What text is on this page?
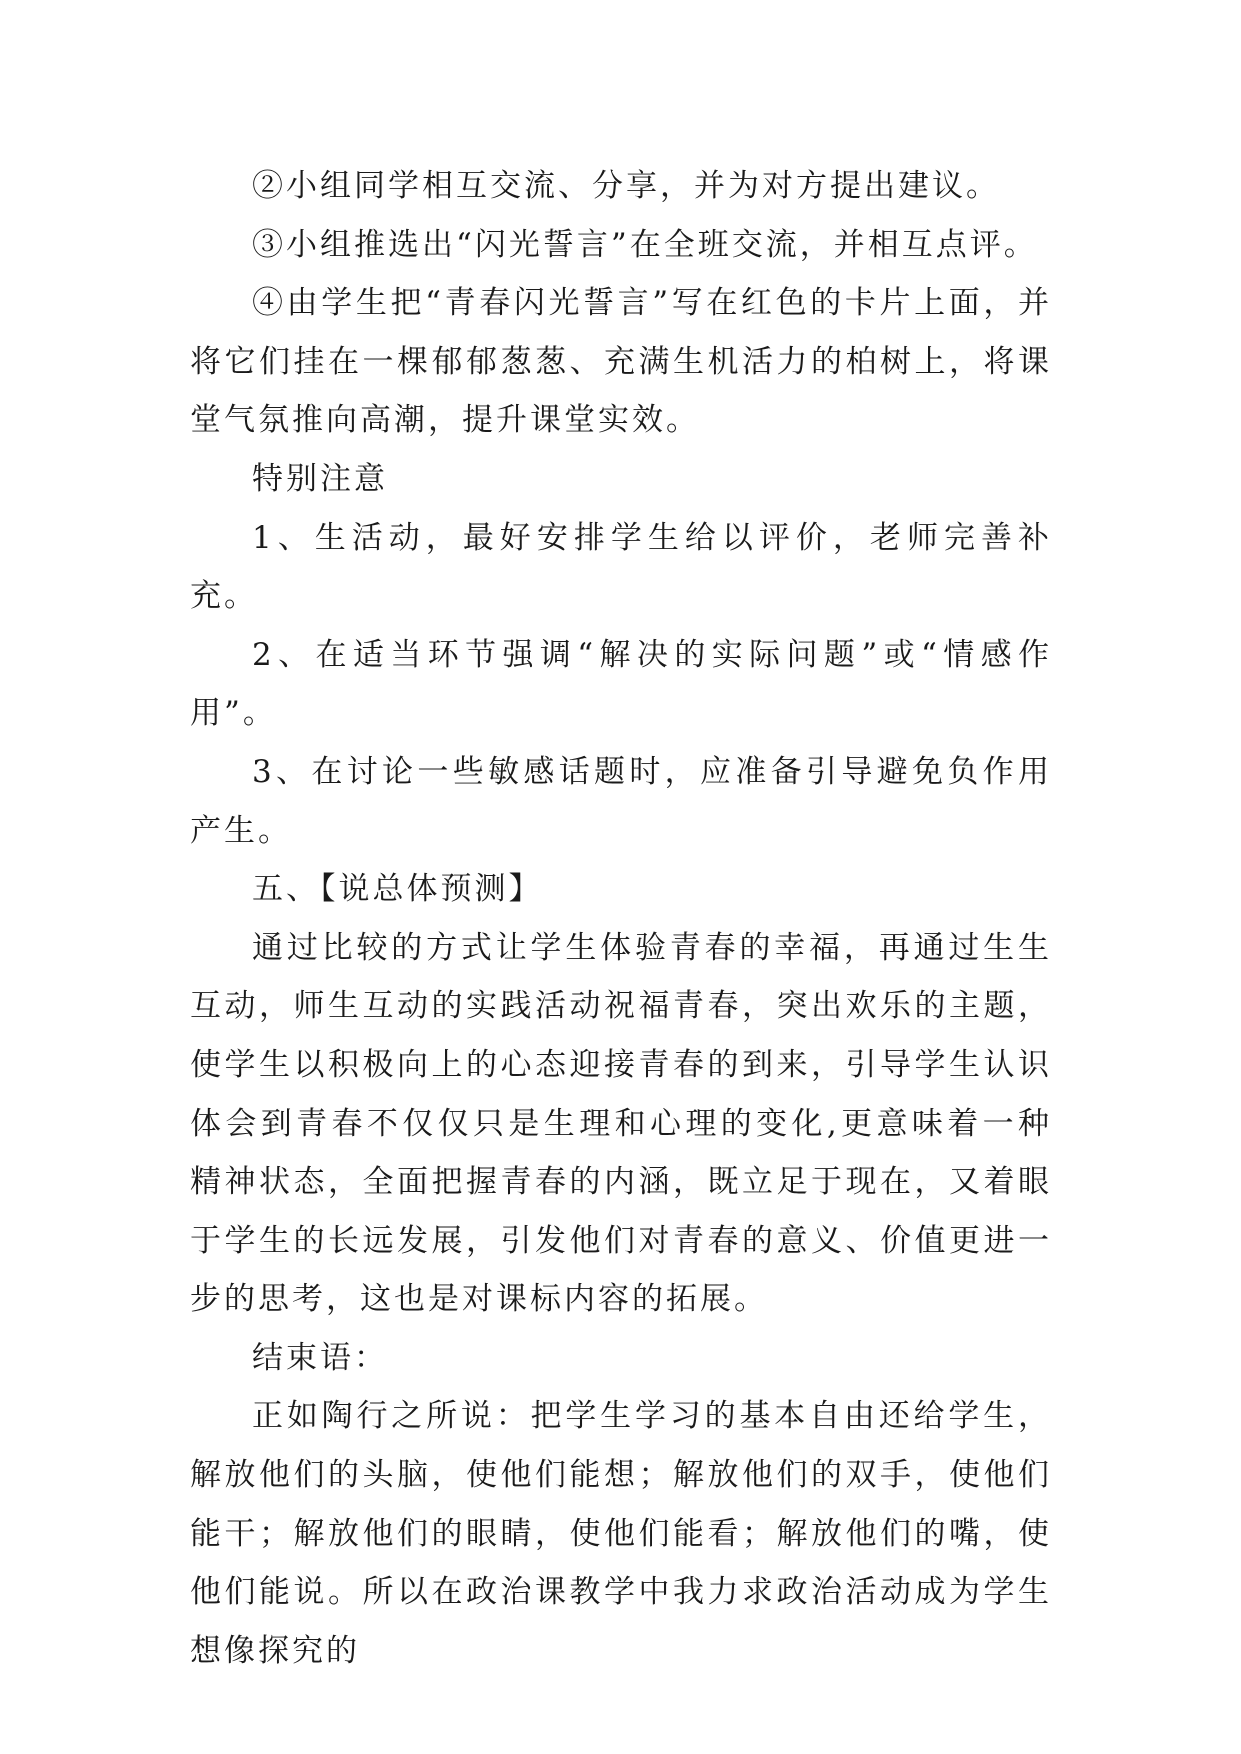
②小组同学相互交流、分享，并为对方提出建议。

③小组推选出“闪光誓言”在全班交流，并相互点评。

④由学生把“青春闪光誓言”写在红色的卡片上面，并将它们挂在一棵郁郁葱葱、充满生机活力的柏树上，将课堂气氛推向高潮，提升课堂实效。

特别注意

1、生活动，最好安排学生给以评价，老师完善补充。

2、在适当环节强调“解决的实际问题”或“情感作用”。

3、在讨论一些敏感话题时，应准备引导避免负作用产生。

五、【说总体预测】

通过比较的方式让学生体验青春的幸福，再通过生生互动，师生互动的实践活动祝福青春，突出欢乐的主题，使学生以积极向上的心态迎接青春的到来，引导学生认识体会到青春不仅仅只是生理和心理的变化,更意味着一种精神状态，全面把握青春的内涵，既立足于现在，又着眼于学生的长远发展，引发他们对青春的意义、价值更进一步的思考，这也是对课标内容的拓展。

结束语：

正如陶行之所说：把学生学习的基本自由还给学生，解放他们的头脑，使他们能想；解放他们的双手，使他们能干；解放他们的眼睛，使他们能看；解放他们的嘴，使他们能说。所以在政治课教学中我力求政治活动成为学生想像探究的
